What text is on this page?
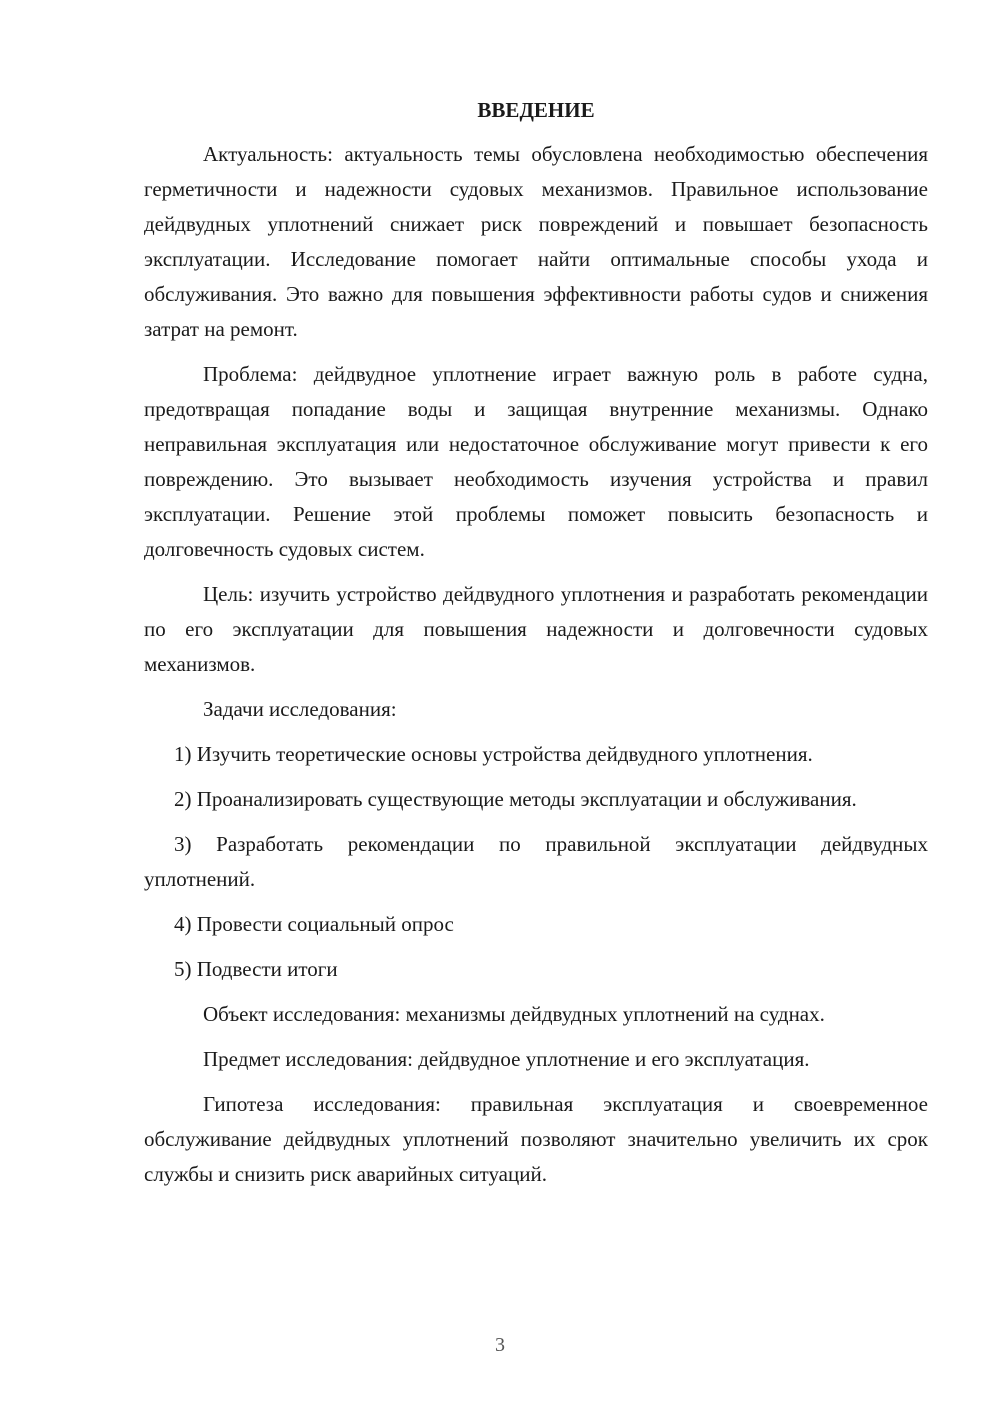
ВВЕДЕНИЕ

Актуальность: актуальность темы обусловлена необходимостью обеспечения герметичности и надежности судовых механизмов. Правильное использование дейдвудных уплотнений снижает риск повреждений и повышает безопасность эксплуатации. Исследование помогает найти оптимальные способы ухода и обслуживания. Это важно для повышения эффективности работы судов и снижения затрат на ремонт.

Проблема: дейдвудное уплотнение играет важную роль в работе судна, предотвращая попадание воды и защищая внутренние механизмы. Однако неправильная эксплуатация или недостаточное обслуживание могут привести к его повреждению. Это вызывает необходимость изучения устройства и правил эксплуатации. Решение этой проблемы поможет повысить безопасность и долговечность судовых систем.

Цель: изучить устройство дейдвудного уплотнения и разработать рекомендации по его эксплуатации для повышения надежности и долговечности судовых механизмов.

Задачи исследования:

1) Изучить теоретические основы устройства дейдвудного уплотнения.

2) Проанализировать существующие методы эксплуатации и обслуживания.

3) Разработать рекомендации по правильной эксплуатации дейдвудных уплотнений.

4) Провести социальный опрос

5) Подвести итоги

Объект исследования: механизмы дейдвудных уплотнений на суднах.

Предмет исследования: дейдвудное уплотнение и его эксплуатация.

Гипотеза исследования: правильная эксплуатация и своевременное обслуживание дейдвудных уплотнений позволяют значительно увеличить их срок службы и снизить риск аварийных ситуаций.

3
